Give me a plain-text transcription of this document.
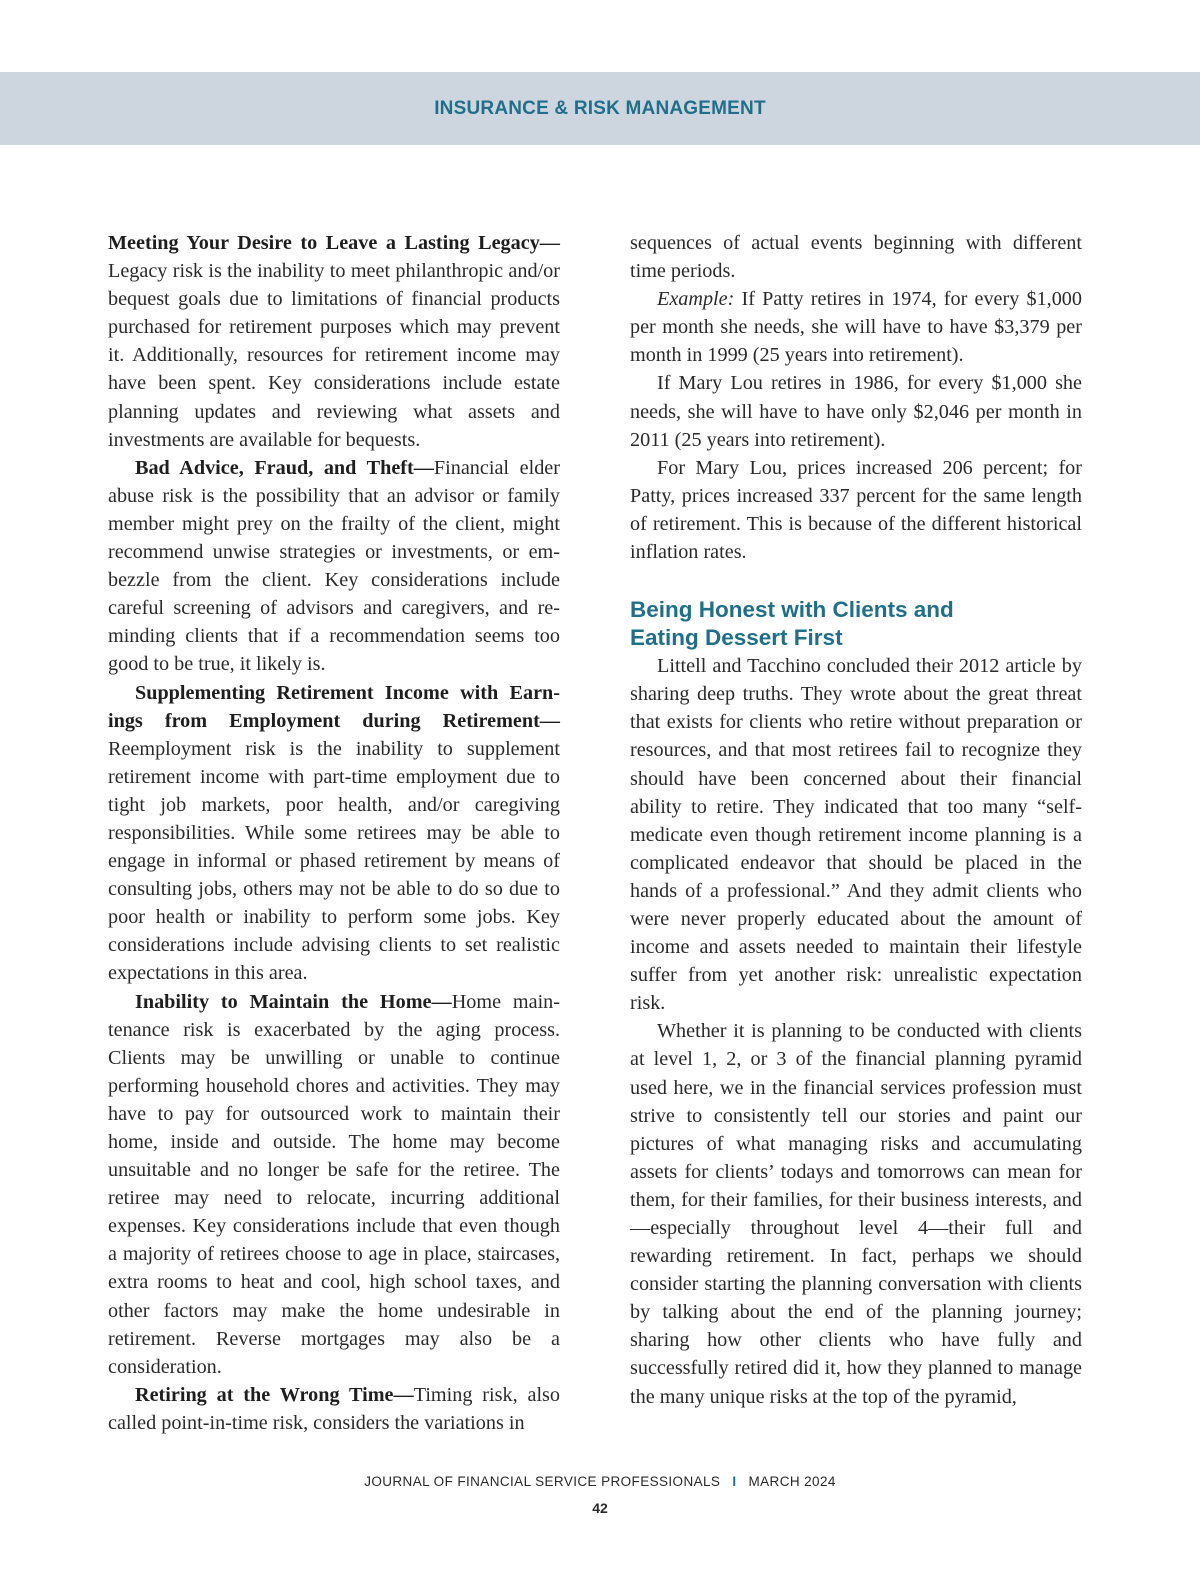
INSURANCE & RISK MANAGEMENT

Meeting Your Desire to Leave a Lasting Legacy—Legacy risk is the inability to meet philanthropic and/or bequest goals due to limitations of financial products purchased for retirement purposes which may prevent it. Additionally, resources for retirement income may have been spent. Key considerations include estate planning updates and reviewing what assets and investments are available for bequests.

Bad Advice, Fraud, and Theft—Financial elder abuse risk is the possibility that an advisor or family member might prey on the frailty of the client, might recommend unwise strategies or investments, or embezzle from the client. Key considerations include careful screening of advisors and caregivers, and reminding clients that if a recommendation seems too good to be true, it likely is.

Supplementing Retirement Income with Earnings from Employment during Retirement—Reemployment risk is the inability to supplement retirement income with part-time employment due to tight job markets, poor health, and/or caregiving responsibilities. While some retirees may be able to engage in informal or phased retirement by means of consulting jobs, others may not be able to do so due to poor health or inability to perform some jobs. Key considerations include advising clients to set realistic expectations in this area.

Inability to Maintain the Home—Home maintenance risk is exacerbated by the aging process. Clients may be unwilling or unable to continue performing household chores and activities. They may have to pay for outsourced work to maintain their home, inside and outside. The home may become unsuitable and no longer be safe for the retiree. The retiree may need to relocate, incurring additional expenses. Key considerations include that even though a majority of retirees choose to age in place, staircases, extra rooms to heat and cool, high school taxes, and other factors may make the home undesirable in retirement. Reverse mortgages may also be a consideration.

Retiring at the Wrong Time—Timing risk, also called point-in-time risk, considers the variations in

sequences of actual events beginning with different time periods.

Example: If Patty retires in 1974, for every $1,000 per month she needs, she will have to have $3,379 per month in 1999 (25 years into retirement).

If Mary Lou retires in 1986, for every $1,000 she needs, she will have to have only $2,046 per month in 2011 (25 years into retirement).

For Mary Lou, prices increased 206 percent; for Patty, prices increased 337 percent for the same length of retirement. This is because of the different historical inflation rates.

Being Honest with Clients and
Eating Dessert First

Littell and Tacchino concluded their 2012 article by sharing deep truths. They wrote about the great threat that exists for clients who retire without preparation or resources, and that most retirees fail to recognize they should have been concerned about their financial ability to retire. They indicated that too many “self-medicate even though retirement income planning is a complicated endeavor that should be placed in the hands of a professional.” And they admit clients who were never properly educated about the amount of income and assets needed to maintain their lifestyle suffer from yet another risk: unrealistic expectation risk.

Whether it is planning to be conducted with clients at level 1, 2, or 3 of the financial planning pyramid used here, we in the financial services profession must strive to consistently tell our stories and paint our pictures of what managing risks and accumulating assets for clients’ todays and tomorrows can mean for them, for their families, for their business interests, and—especially throughout level 4—their full and rewarding retirement. In fact, perhaps we should consider starting the planning conversation with clients by talking about the end of the planning journey; sharing how other clients who have fully and successfully retired did it, how they planned to manage the many unique risks at the top of the pyramid,

JOURNAL OF FINANCIAL SERVICE PROFESSIONALS I MARCH 2024
42
